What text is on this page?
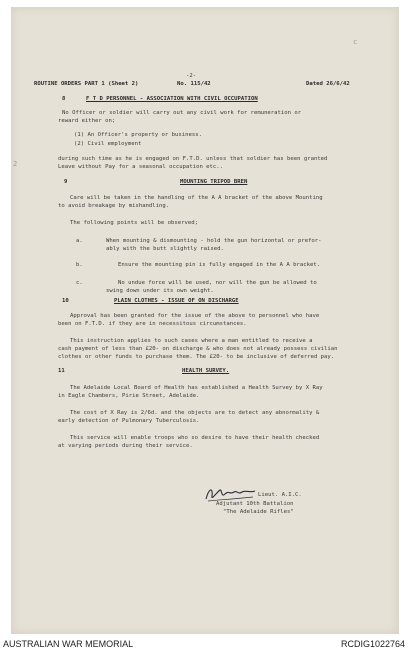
c
2
-2-
ROUTINE ORDERS PART 1 (Sheet 2)	No. 115/42	Dated 26/6/42
8	F T D PERSONNEL - ASSOCIATION WITH CIVIL OCCUPATION
No Officer or soldier will carry out any civil work for remuneration or
reward either on;
(1) An Officer's property or business.
(2) Civil employment
during such time as he is engaged on F.T.D. unless that soldier has been granted
Leave without Pay for a seasonal occupation etc..
9	MOUNTING TRIPOD BREN
Care will be taken in the handling of the A A bracket of the above Mounting
to avoid breakage by mishandling.
The following points will be observed;
a.	When mounting & dismounting - hold the gun horizontal or prefor-
ably with the butt slightly raised.
b.	Ensure the mounting pin is fully engaged in the A A bracket.
c.	No undue force will be used, nor will the gun be allowed to
swing down under its own weight.
10	PLAIN CLOTHES - ISSUE OF ON DISCHARGE
Approval has been granted for the issue of the above to personnel who have
been on F.T.D. if they are in necessitous circumstances.
This instruction applies to such cases where a man entitled to receive a
cash payment of less than £20- on discharge & who does not already possess civilian
clothes or other funds to purchase them. The £20- to be inclusive of deferred pay.
11	HEALTH SURVEY.
The Adelaide Local Board of Health has established a Health Survey by X Ray
in Eagle Chambers, Pirie Street, Adelaide.
The cost of X Ray is 2/6d. and the objects are to detect any abnormality &
early detection of Pulmonary Tuberculosis.
This service will enable troops who so desire to have their health checked
at varying periods during their service.
Lieut. A.I.C.
Adjutant 10th Battalion
"The Adelaide Rifles"
AUSTRALIAN WAR MEMORIAL	RCDIG1022764
